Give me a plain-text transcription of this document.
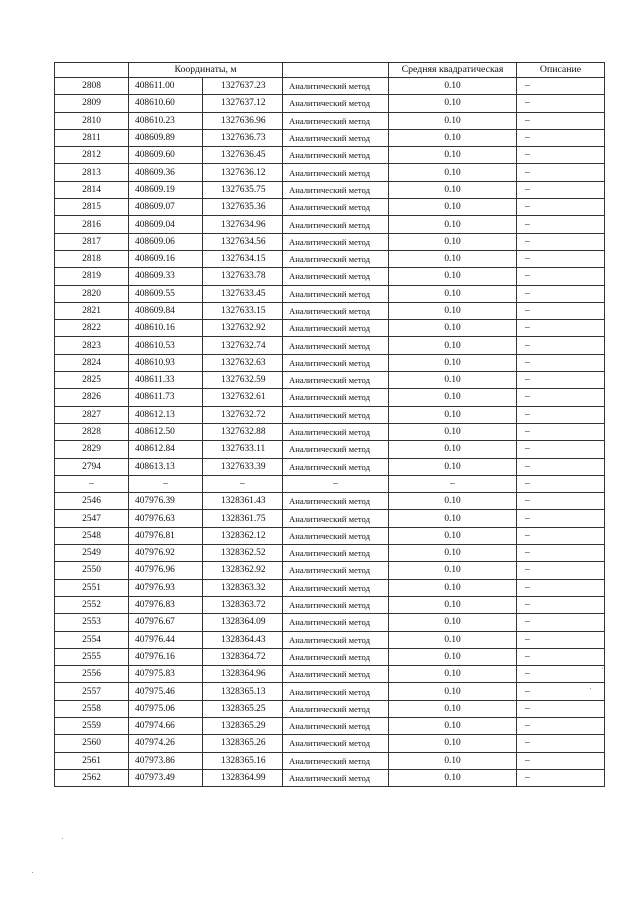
	Координаты, м			Средняя квадратическая	Описание
2808	408611.00	1327637.23	Аналитический метод	0.10	–
2809	408610.60	1327637.12	Аналитический метод	0.10	–
2810	408610.23	1327636.96	Аналитический метод	0.10	–
2811	408609.89	1327636.73	Аналитический метод	0.10	–
2812	408609.60	1327636.45	Аналитический метод	0.10	–
2813	408609.36	1327636.12	Аналитический метод	0.10	–
2814	408609.19	1327635.75	Аналитический метод	0.10	–
2815	408609.07	1327635.36	Аналитический метод	0.10	–
2816	408609.04	1327634.96	Аналитический метод	0.10	–
2817	408609.06	1327634.56	Аналитический метод	0.10	–
2818	408609.16	1327634.15	Аналитический метод	0.10	–
2819	408609.33	1327633.78	Аналитический метод	0.10	–
2820	408609.55	1327633.45	Аналитический метод	0.10	–
2821	408609.84	1327633.15	Аналитический метод	0.10	–
2822	408610.16	1327632.92	Аналитический метод	0.10	–
2823	408610.53	1327632.74	Аналитический метод	0.10	–
2824	408610.93	1327632.63	Аналитический метод	0.10	–
2825	408611.33	1327632.59	Аналитический метод	0.10	–
2826	408611.73	1327632.61	Аналитический метод	0.10	–
2827	408612.13	1327632.72	Аналитический метод	0.10	–
2828	408612.50	1327632.88	Аналитический метод	0.10	–
2829	408612.84	1327633.11	Аналитический метод	0.10	–
2794	408613.13	1327633.39	Аналитический метод	0.10	–
–	–	–	–	–	–
2546	407976.39	1328361.43	Аналитический метод	0.10	–
2547	407976.63	1328361.75	Аналитический метод	0.10	–
2548	407976.81	1328362.12	Аналитический метод	0.10	–
2549	407976.92	1328362.52	Аналитический метод	0.10	–
2550	407976.96	1328362.92	Аналитический метод	0.10	–
2551	407976.93	1328363.32	Аналитический метод	0.10	–
2552	407976.83	1328363.72	Аналитический метод	0.10	–
2553	407976.67	1328364.09	Аналитический метод	0.10	–
2554	407976.44	1328364.43	Аналитический метод	0.10	–
2555	407976.16	1328364.72	Аналитический метод	0.10	–
2556	407975.83	1328364.96	Аналитический метод	0.10	–
2557	407975.46	1328365.13	Аналитический метод	0.10	–
2558	407975.06	1328365.25	Аналитический метод	0.10	–
2559	407974.66	1328365.29	Аналитический метод	0.10	–
2560	407974.26	1328365.26	Аналитический метод	0.10	–
2561	407973.86	1328365.16	Аналитический метод	0.10	–
2562	407973.49	1328364.99	Аналитический метод	0.10	–
